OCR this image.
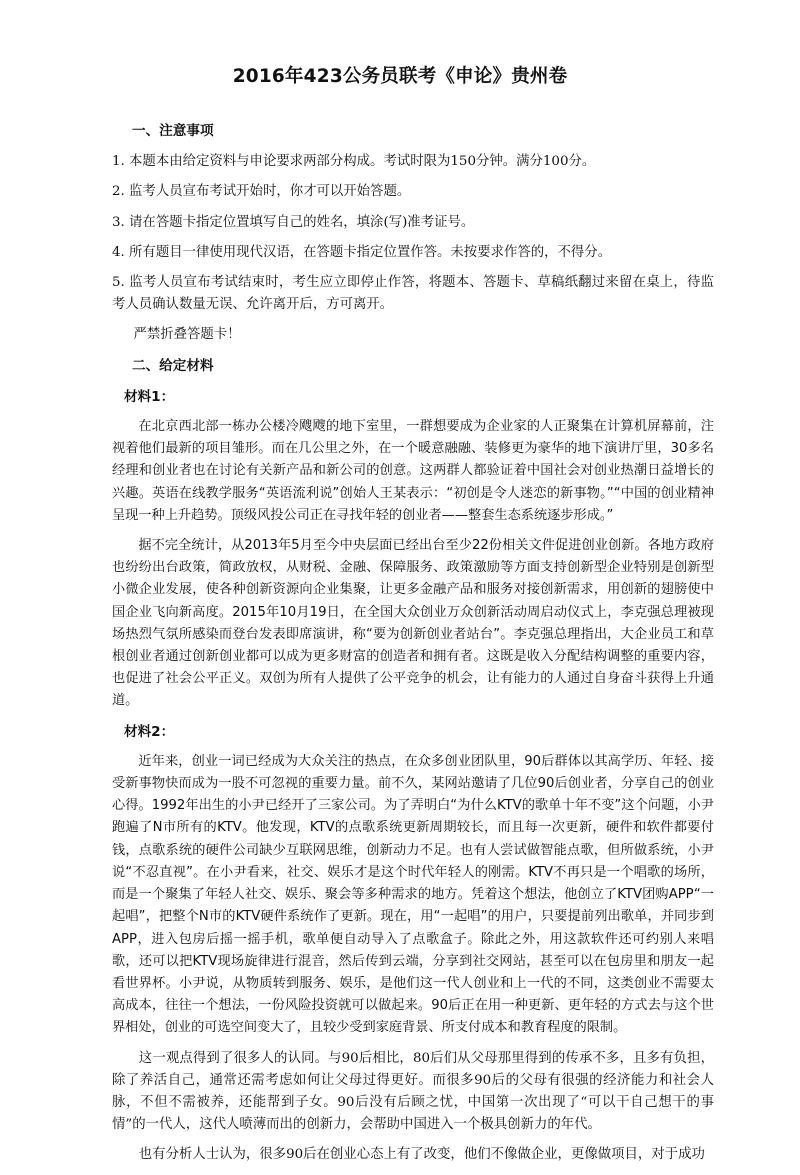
2016年423公务员联考《申论》贵州卷
一、注意事项

1. 本题本由给定资料与申论要求两部分构成。考试时限为150分钟。满分100分。

2. 监考人员宣布考试开始时，你才可以开始答题。

3. 请在答题卡指定位置填写自己的姓名，填涂(写)准考证号。

4. 所有题目一律使用现代汉语，在答题卡指定位置作答。未按要求作答的，不得分。

5. 监考人员宣布考试结束时，考生应立即停止作答，将题本、答题卡、草稿纸翻过来留在桌上，待监考人员确认数量无误、允许离开后，方可离开。

严禁折叠答题卡！

二、给定材料
材料1：

在北京西北部一栋办公楼冷飕飕的地下室里，一群想要成为企业家的人正聚集在计算机屏幕前，注视着他们最新的项目雏形。而在几公里之外，在一个暖意融融、装修更为豪华的地下演讲厅里，30多名经理和创业者也在讨论有关新产品和新公司的创意。这两群人都验证着中国社会对创业热潮日益增长的兴趣。英语在线教学服务“英语流利说”创始人王某表示：“初创是令人迷恋的新事物。”“中国的创业精神呈现一种上升趋势。顶级风投公司正在寻找年轻的创业者——整套生态系统逐步形成。”

据不完全统计，从2013年5月至今中央层面已经出台至少22份相关文件促进创业创新。各地方政府也纷纷出台政策，简政放权，从财税、金融、保障服务、政策激励等方面支持创新型企业特别是创新型小微企业发展，使各种创新资源向企业集聚，让更多金融产品和服务对接创新需求，用创新的翅膀使中国企业飞向新高度。2015年10月19日，在全国大众创业万众创新活动周启动仪式上，李克强总理被现场热烈气氛所感染而登台发表即席演讲，称“要为创新创业者站台”。李克强总理指出，大企业员工和草根创业者通过创新创业都可以成为更多财富的创造者和拥有者。这既是收入分配结构调整的重要内容，也促进了社会公平正义。双创为所有人提供了公平竞争的机会，让有能力的人通过自身奋斗获得上升通道。

材料2：

近年来，创业一词已经成为大众关注的热点，在众多创业团队里，90后群体以其高学历、年轻、接受新事物快而成为一股不可忽视的重要力量。前不久，某网站邀请了几位90后创业者，分享自己的创业心得。1992年出生的小尹已经开了三家公司。为了弄明白“为什么KTV的歌单十年不变”这个问题，小尹跑遍了N市所有的KTV。他发现，KTV的点歌系统更新周期较长，而且每一次更新，硬件和软件都要付钱，点歌系统的硬件公司缺少互联网思维，创新动力不足。也有人尝试做智能点歌，但所做系统，小尹说“不忍直视”。在小尹看来，社交、娱乐才是这个时代年轻人的刚需。KTV不再只是一个唱歌的场所，而是一个聚集了年轻人社交、娱乐、聚会等多种需求的地方。凭着这个想法，他创立了KTV团购APP“一起唱”，把整个N市的KTV硬件系统作了更新。现在，用“一起唱”的用户，只要提前列出歌单，并同步到APP，进入包房后摇一摇手机，歌单便自动导入了点歌盒子。除此之外，用这款软件还可约别人来唱歌，还可以把KTV现场旋律进行混音，然后传到云端，分享到社交网站，甚至可以在包房里和朋友一起看世界杯。小尹说，从物质转到服务、娱乐，是他们这一代人创业和上一代的不同，这类创业不需要太高成本，往往一个想法，一份风险投资就可以做起来。90后正在用一种更新、更年轻的方式去与这个世界相处，创业的可选空间变大了，且较少受到家庭背景、所支付成本和教育程度的限制。

这一观点得到了很多人的认同。与90后相比，80后们从父母那里得到的传承不多，且多有负担，除了养活自己，通常还需考虑如何让父母过得更好。而很多90后的父母有很强的经济能力和社会人脉，不但不需被养，还能帮到子女。90后没有后顾之忧，中国第一次出现了“可以干自己想干的事情”的一代人，这代人喷薄而出的创新力，会帮助中国进入一个极具创新力的年代。

也有分析人士认为，很多90后在创业心态上有了改变，他们不像做企业，更像做项目，对于成功
